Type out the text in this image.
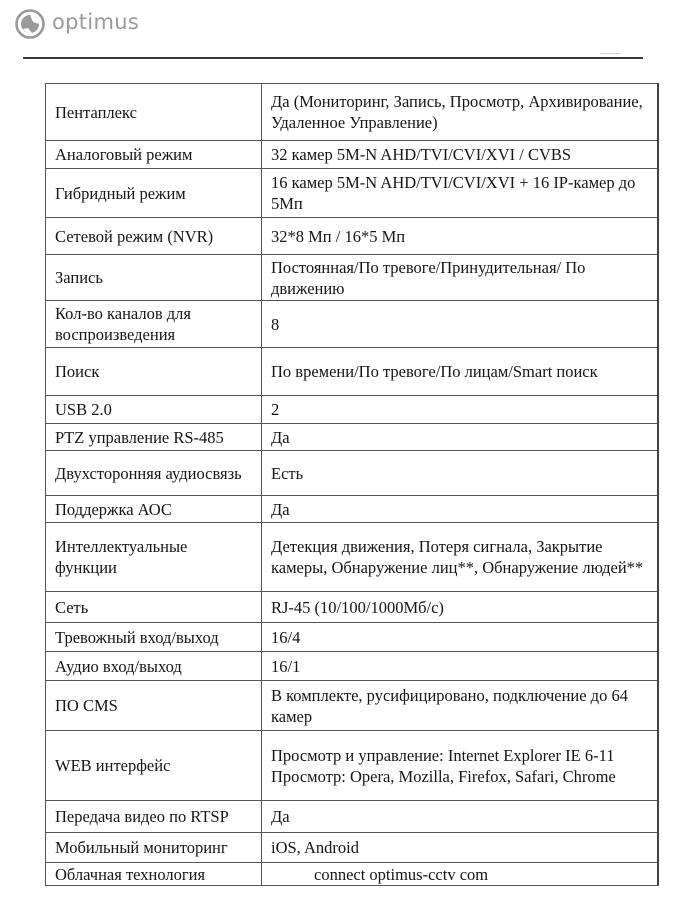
optimus
Пентаплекс	Да (Мониторинг, Запись, Просмотр, Архивирование, Удаленное Управление)
Аналоговый режим	32 камер 5M-N AHD/TVI/CVI/XVI / CVBS
Гибридный режим	16 камер 5M-N AHD/TVI/CVI/XVI + 16 IP-камер до 5Мп
Сетевой режим (NVR)	32*8 Мп / 16*5 Мп
Запись	Постоянная/По тревоге/Принудительная/ По движению
Кол-во каналов для воспроизведения	8
Поиск	По времени/По тревоге/По лицам/Smart поиск
USB 2.0	2
PTZ управление RS-485	Да
Двухсторонняя аудиосвязь	Есть
Поддержка АОС	Да
Интеллектуальные функции	Детекция движения, Потеря сигнала, Закрытие камеры, Обнаружение лиц**, Обнаружение людей**
Сеть	RJ-45 (10/100/1000Мб/с)
Тревожный вход/выход	16/4
Аудио вход/выход	16/1
ПО CMS	В комплекте, русифицировано, подключение до 64 камер
WEB интерфейс	Просмотр и управление: Internet Explorer IE 6-11 Просмотр: Opera, Mozilla, Firefox, Safari, Chrome
Передача видео по RTSP	Да
Мобильный мониторинг	iOS, Android
Облачная технология	connect optimus-cctv com
